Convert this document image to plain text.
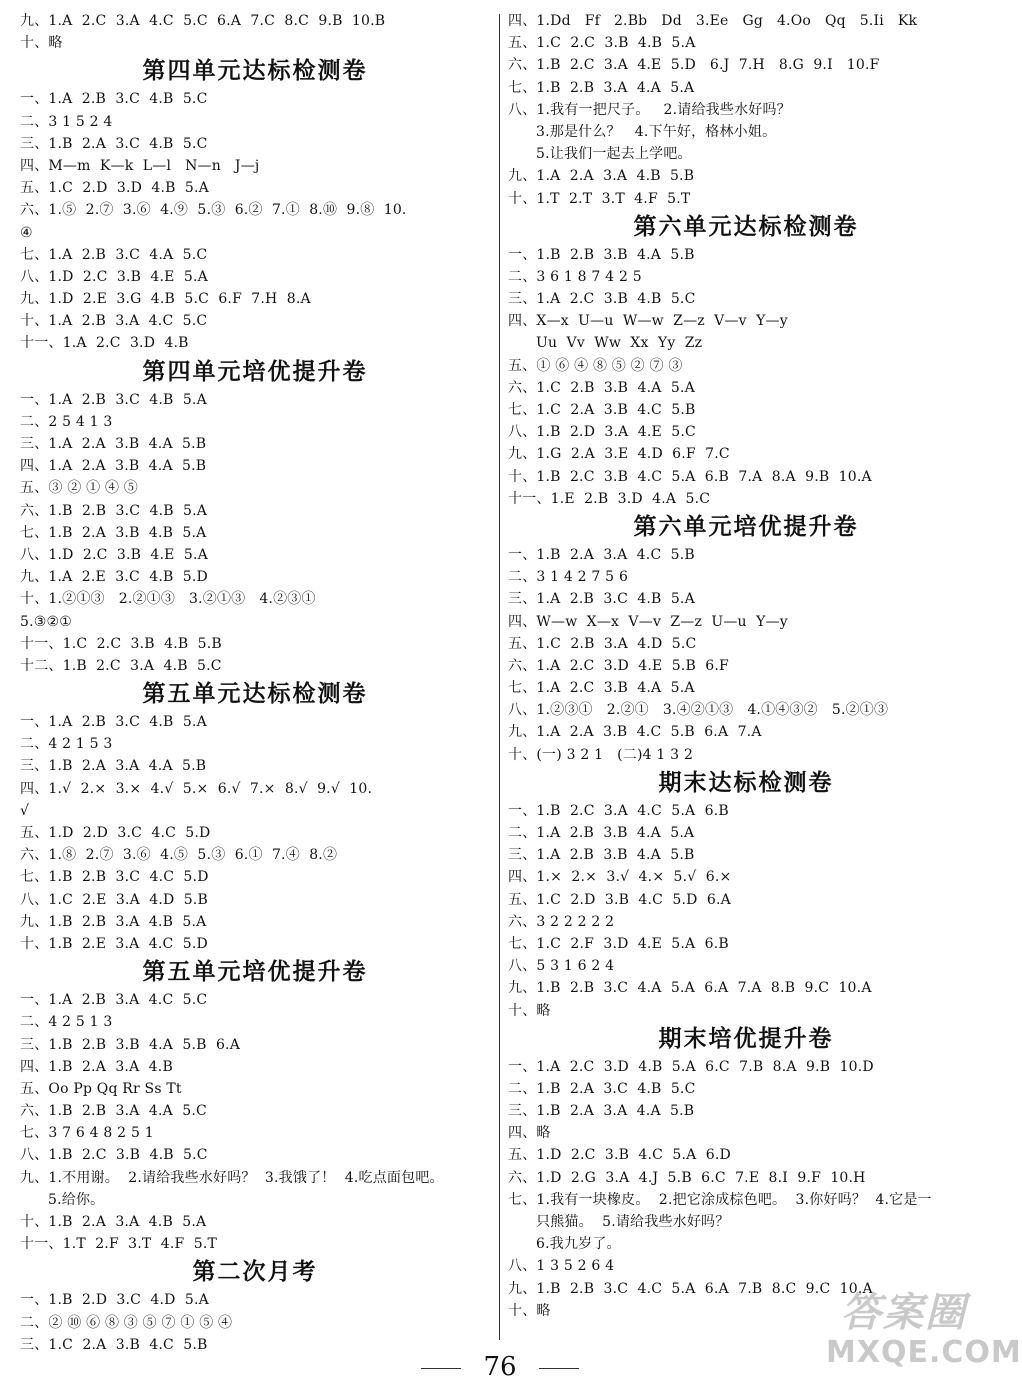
九、1.A  2.C  3.A  4.C  5.C  6.A  7.C  8.C  9.B  10.B
十、略
第四单元达标检测卷
一、1.A  2.B  3.C  4.B  5.C
二、3 1 5 2 4
三、1.B  2.A  3.C  4.B  5.C
四、M—m  K—k  L—l   N—n   J—j
五、1.C  2.D  3.D  4.B  5.A
六、1.⑤  2.⑦  3.⑥  4.⑨  5.③  6.②  7.①  8.⑩  9.⑧  10.
④
七、1.A  2.B  3.C  4.A  5.C
八、1.D  2.C  3.B  4.E  5.A
九、1.D  2.E  3.G  4.B  5.C  6.F  7.H  8.A
十、1.A  2.B  3.A  4.C  5.C
十一、1.A  2.C  3.D  4.B
第四单元培优提升卷
一、1.A  2.B  3.C  4.B  5.A
二、2 5 4 1 3
三、1.A  2.A  3.B  4.A  5.B
四、1.A  2.A  3.B  4.A  5.B
五、③ ② ① ④ ⑤
六、1.B  2.B  3.C  4.B  5.A
七、1.B  2.A  3.B  4.B  5.A
八、1.D  2.C  3.B  4.E  5.A
九、1.A  2.E  3.C  4.B  5.D
十、1.②①③   2.②①③   3.②①③   4.②③①
5.③②①
十一、1.C  2.C  3.B  4.B  5.B
十二、1.B  2.C  3.A  4.B  5.C
第五单元达标检测卷
一、1.A  2.B  3.C  4.B  5.A
二、4 2 1 5 3
三、1.B  2.A  3.A  4.A  5.B
四、1.√  2.×  3.×  4.√  5.×  6.√  7.×  8.√  9.√  10.
√
五、1.D  2.D  3.C  4.C  5.D
六、1.⑧  2.⑦  3.⑥  4.⑤  5.③  6.①  7.④  8.②
七、1.B  2.B  3.C  4.C  5.D
八、1.C  2.E  3.A  4.D  5.B
九、1.B  2.B  3.A  4.B  5.A
十、1.B  2.E  3.A  4.C  5.D
第五单元培优提升卷
一、1.A  2.B  3.A  4.C  5.C
二、4 2 5 1 3
三、1.B  2.B  3.B  4.A  5.B  6.A
四、1.B  2.A  3.A  4.B
五、Oo Pp Qq Rr Ss Tt
六、1.B  2.B  3.A  4.A  5.C
七、3 7 6 4 8 2 5 1
八、1.B  2.C  3.B  4.B  5.C
九、1.不用谢。  2.请给我些水好吗？  3.我饿了！  4.吃点面包吧。
5.给你。
十、1.B  2.A  3.A  4.B  5.A
十一、1.T  2.F  3.T  4.F  5.T
第二次月考
一、1.B  2.D  3.C  4.D  5.A
二、② ⑩ ⑥ ⑧ ③ ⑤ ⑦ ① ⑤ ④
三、1.C  2.A  3.B  4.C  5.B
四、1.Dd   Ff   2.Bb   Dd   3.Ee   Gg   4.Oo   Qq   5.Ii   Kk
五、1.C  2.C  3.B  4.B  5.A
六、1.B  2.C  3.A  4.E  5.D   6.J  7.H   8.G  9.I   10.F
七、1.B  2.B  3.A  4.A  5.A
八、1.我有一把尺子。   2.请给我些水好吗？
3.那是什么？   4.下午好，格林小姐。
5.让我们一起去上学吧。
九、1.A  2.A  3.A  4.B  5.B
十、1.T  2.T  3.T  4.F  5.T
第六单元达标检测卷
一、1.B  2.B  3.B  4.A  5.B
二、3 6 1 8 7 4 2 5
三、1.A  2.C  3.B  4.B  5.C
四、X—x  U—u  W—w  Z—z  V—v  Y—y
Uu  Vv  Ww  Xx  Yy  Zz
五、① ⑥ ④ ⑧ ⑤ ② ⑦ ③
六、1.C  2.B  3.B  4.A  5.A
七、1.C  2.A  3.B  4.C  5.B
八、1.B  2.D  3.A  4.E  5.C
九、1.G  2.A  3.E  4.D  6.F  7.C
十、1.B  2.C  3.B  4.C  5.A  6.B  7.A  8.A  9.B  10.A
十一、1.E  2.B  3.D  4.A  5.C
第六单元培优提升卷
一、1.B  2.A  3.A  4.C  5.B
二、3 1 4 2 7 5 6
三、1.A  2.B  3.C  4.B  5.A
四、W—w  X—x  V—v  Z—z  U—u  Y—y
五、1.C  2.B  3.A  4.D  5.C
六、1.A  2.C  3.D  4.E  5.B  6.F
七、1.A  2.C  3.B  4.A  5.A
八、1.②③①   2.②①   3.④②①③   4.①④③②   5.②①③
九、1.A  2.A  3.B  4.C  5.B  6.A  7.A
十、(一) 3 2 1   (二)4 1 3 2
期末达标检测卷
一、1.B  2.C  3.A  4.C  5.A  6.B
二、1.A  2.B  3.B  4.A  5.A
三、1.A  2.B  3.B  4.A  5.B
四、1.×  2.×  3.√  4.×  5.√  6.×
五、1.C  2.D  3.B  4.C  5.D  6.A
六、3 2 2 2 2 2
七、1.C  2.F  3.D  4.E  5.A  6.B
八、5 3 1 6 2 4
九、1.B  2.B  3.C  4.A  5.A  6.A  7.A  8.B  9.C  10.A
十、略
期末培优提升卷
一、1.A  2.C  3.D  4.B  5.A  6.C  7.B  8.A  9.B  10.D
二、1.B  2.A  3.C  4.B  5.C
三、1.B  2.A  3.A  4.A  5.B
四、略
五、1.D  2.C  3.B  4.C  5.A  6.D
六、1.D  2.G  3.A  4.J  5.B  6.C  7.E  8.I  9.F  10.H
七、1.我有一块橡皮。  2.把它涂成棕色吧。  3.你好吗？  4.它是一
只熊猫。  5.请给我些水好吗？
6.我九岁了。
八、1 3 5 2 6 4
九、1.B  2.B  3.C  4.C  5.A  6.A  7.B  8.C  9.C  10.A
十、略
76
答案圈
MXQE.COM
